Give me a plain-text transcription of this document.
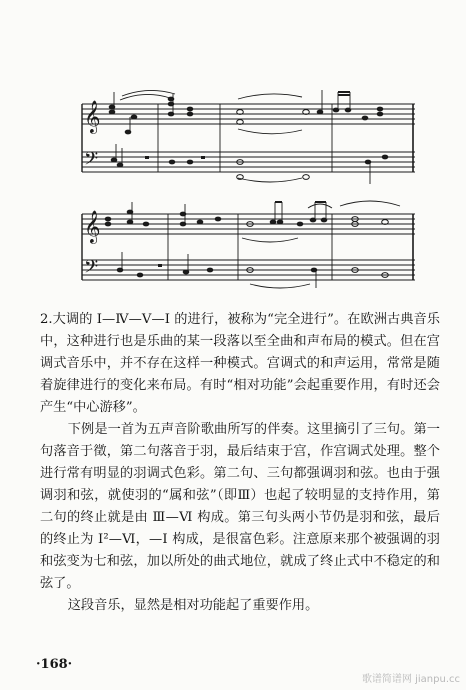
𝄞
𝄢
𝄞
𝄢

2.大调的 Ⅰ—Ⅳ—Ⅴ—Ⅰ 的进行，被称为“完全进行”。在欧洲古典音乐中，这种进行也是乐曲的某一段落以至全曲和声布局的模式。但在宫调式音乐中，并不存在这样一种模式。宫调式的和声运用，常常是随着旋律进行的变化来布局。有时“相对功能”会起重要作用，有时还会产生“中心游移”。

下例是一首为五声音阶歌曲所写的伴奏。这里摘引了三句。第一句落音于徵，第二句落音于羽，最后结束于宫，作宫调式处理。整个进行常有明显的羽调式色彩。第二句、三句都强调羽和弦。也由于强调羽和弦，就使羽的“属和弦”（即Ⅲ）也起了较明显的支持作用，第二句的终止就是由 Ⅲ—Ⅵ 构成。第三句头两小节仍是羽和弦，最后的终止为 Ⅰ²—Ⅵ，—Ⅰ 构成，是很富色彩。注意原来那个被强调的羽和弦变为七和弦，加以所处的曲式地位，就成了终止式中不稳定的和弦了。

这段音乐，显然是相对功能起了重要作用。

·168·
歌谱简谱网 jianpu.cc
